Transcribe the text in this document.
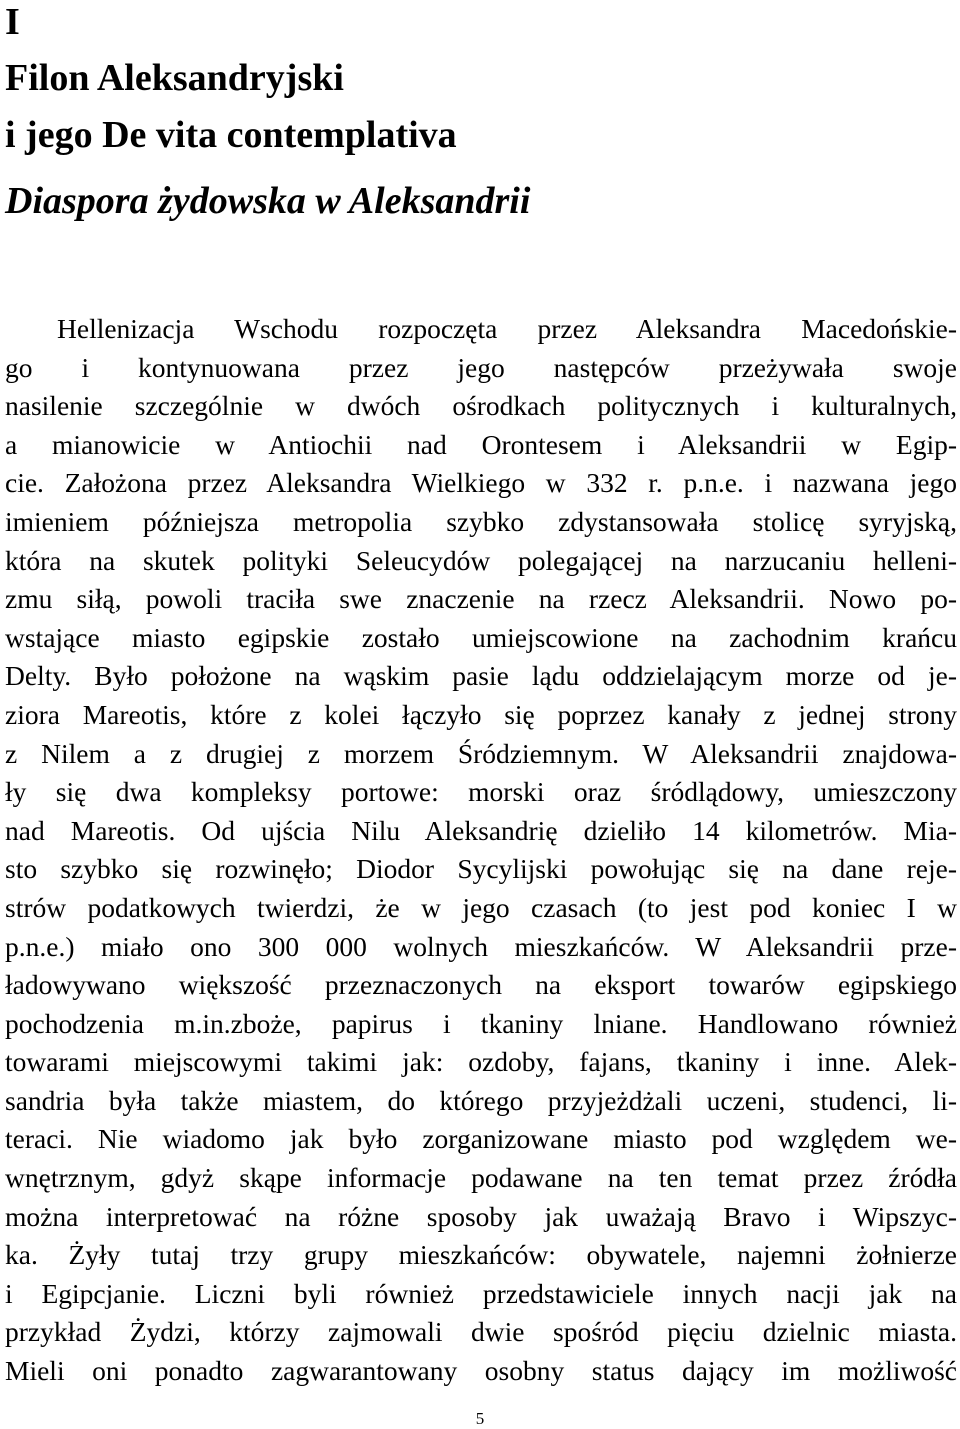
I
Filon Aleksandryjski
i jego De vita contemplativa
Diaspora żydowska w Aleksandrii
Hellenizacja Wschodu rozpoczęta przez Aleksandra Macedońskie-
go i kontynuowana przez jego następców przeżywała swoje
nasilenie szczególnie w dwóch ośrodkach politycznych i kulturalnych,
a mianowicie w Antiochii nad Orontesem i Aleksandrii w Egip-
cie. Założona przez Aleksandra Wielkiego w 332 r. p.n.e. i nazwana jego
imieniem późniejsza metropolia szybko zdystansowała stolicę syryjską,
która na skutek polityki Seleucydów polegającej na narzucaniu helleni-
zmu siłą, powoli traciła swe znaczenie na rzecz Aleksandrii. Nowo po-
wstające miasto egipskie zostało umiejscowione na zachodnim krańcu
Delty. Było położone na wąskim pasie lądu oddzielającym morze od je-
ziora Mareotis, które z kolei łączyło się poprzez kanały z jednej strony
z Nilem a z drugiej z morzem Śródziemnym. W Aleksandrii znajdowa-
ły się dwa kompleksy portowe: morski oraz śródlądowy, umieszczony
nad Mareotis. Od ujścia Nilu Aleksandrię dzieliło 14 kilometrów. Mia-
sto szybko się rozwinęło; Diodor Sycylijski powołując się na dane reje-
strów podatkowych twierdzi, że w jego czasach (to jest pod koniec I w
p.n.e.) miało ono 300 000 wolnych mieszkańców. W Aleksandrii prze-
ładowywano większość przeznaczonych na eksport towarów egipskiego
pochodzenia m.in.zboże, papirus i tkaniny lniane. Handlowano również
towarami miejscowymi takimi jak: ozdoby, fajans, tkaniny i inne. Alek-
sandria była także miastem, do którego przyjeżdżali uczeni, studenci, li-
teraci. Nie wiadomo jak było zorganizowane miasto pod względem we-
wnętrznym, gdyż skąpe informacje podawane na ten temat przez źródła
można interpretować na różne sposoby jak uważają Bravo i Wipszyc-
ka. Żyły tutaj trzy grupy mieszkańców: obywatele, najemni żołnierze
i Egipcjanie. Liczni byli również przedstawiciele innych nacji jak na
przykład Żydzi, którzy zajmowali dwie spośród pięciu dzielnic miasta.
Mieli oni ponadto zagwarantowany osobny status dający im możliwość
5
